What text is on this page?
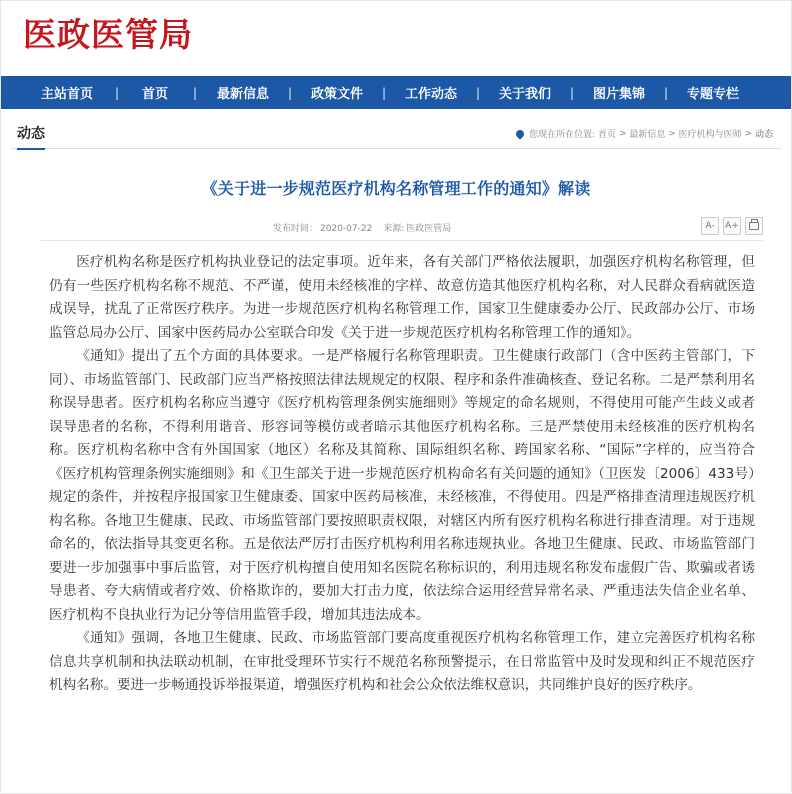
医政医管局
主站首页	|	首页	|	最新信息	|	政策文件	|	工作动态	|	关于我们	|	图片集锦	|	专题专栏
动态	您现在所在位置:
首页
>
最新信息
>
医疗机构与医师
>
动态
《关于进一步规范医疗机构名称管理工作的通知》解读
发布时间： 2020-07-22 来源: 医政医管局	A-	A+

医疗机构名称是医疗机构执业登记的法定事项。近年来，各有关部门严格依法履职，加强医疗机构名称管理，但仍有一些医疗机构名称不规范、不严谨，使用未经核准的字样、故意仿造其他医疗机构名称，对人民群众看病就医造成误导，扰乱了正常医疗秩序。为进一步规范医疗机构名称管理工作，国家卫生健康委办公厅、民政部办公厅、市场监管总局办公厅、国家中医药局办公室联合印发《关于进一步规范医疗机构名称管理工作的通知》。

《通知》提出了五个方面的具体要求。一是严格履行名称管理职责。卫生健康行政部门（含中医药主管部门，下同）、市场监管部门、民政部门应当严格按照法律法规规定的权限、程序和条件准确核查、登记名称。二是严禁利用名称误导患者。医疗机构名称应当遵守《医疗机构管理条例实施细则》等规定的命名规则，不得使用可能产生歧义或者误导患者的名称，不得利用谐音、形容词等模仿或者暗示其他医疗机构名称。三是严禁使用未经核准的医疗机构名称。医疗机构名称中含有外国国家（地区）名称及其简称、国际组织名称、跨国家名称、“国际”字样的，应当符合《医疗机构管理条例实施细则》和《卫生部关于进一步规范医疗机构命名有关问题的通知》（卫医发〔2006〕433号）规定的条件，并按程序报国家卫生健康委、国家中医药局核准，未经核准，不得使用。四是严格排查清理违规医疗机构名称。各地卫生健康、民政、市场监管部门要按照职责权限，对辖区内所有医疗机构名称进行排查清理。对于违规命名的，依法指导其变更名称。五是依法严厉打击医疗机构利用名称违规执业。各地卫生健康、民政、市场监管部门要进一步加强事中事后监管，对于医疗机构擅自使用知名医院名称标识的，利用违规名称发布虚假广告、欺骗或者诱导患者、夸大病情或者疗效、价格欺诈的，要加大打击力度，依法综合运用经营异常名录、严重违法失信企业名单、医疗机构不良执业行为记分等信用监管手段，增加其违法成本。

《通知》强调，各地卫生健康、民政、市场监管部门要高度重视医疗机构名称管理工作，建立完善医疗机构名称信息共享机制和执法联动机制，在审批受理环节实行不规范名称预警提示，在日常监管中及时发现和纠正不规范医疗机构名称。要进一步畅通投诉举报渠道，增强医疗机构和社会公众依法维权意识，共同维护良好的医疗秩序。
